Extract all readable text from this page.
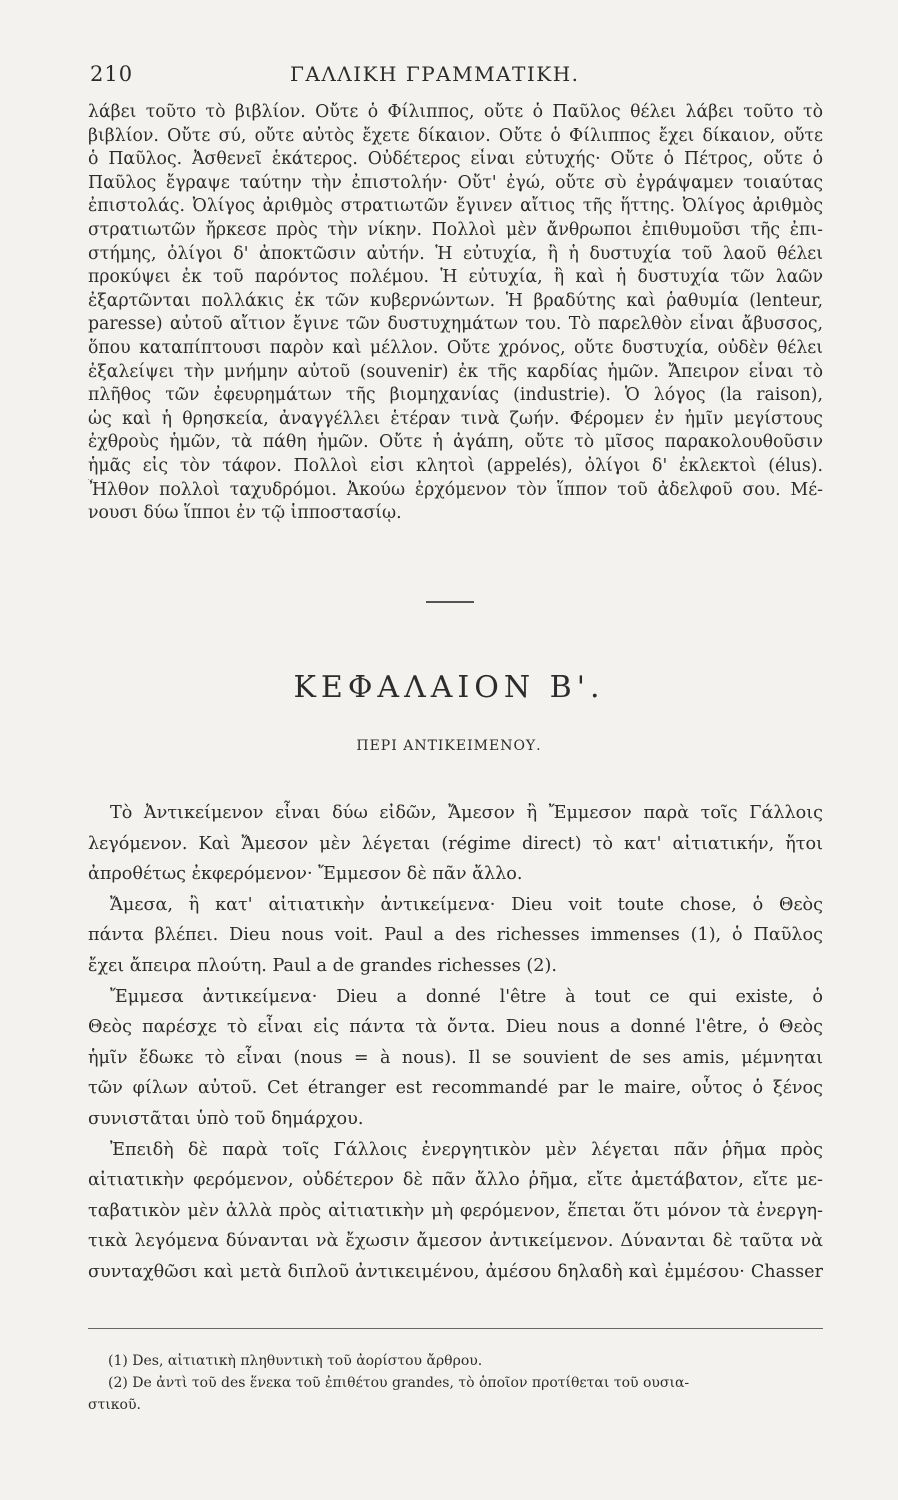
210	ΓΑΛΛΙΚΗ ΓΡΑΜΜΑΤΙΚΗ.
λάβει τοῦτο τὸ βιβλίον. Οὔτε ὁ Φίλιππος, οὔτε ὁ Παῦλος θέλει λάβει τοῦτο τὸ
βιβλίον. Οὔτε σύ, οὔτε αὐτὸς ἔχετε δίκαιον. Οὔτε ὁ Φίλιππος ἔχει δίκαιον, οὔτε
ὁ Παῦλος. Ἀσθενεῖ ἑκάτερος. Οὐδέτερος εἶναι εὐτυχής· Οὔτε ὁ Πέτρος, οὔτε ὁ
Παῦλος ἔγραψε ταύτην τὴν ἐπιστολήν· Οὔτ' ἐγώ, οὔτε σὺ ἐγράψαμεν τοιαύτας
ἐπιστολάς. Ὀλίγος ἀριθμὸς στρατιωτῶν ἔγινεν αἴτιος τῆς ἥττης. Ὀλίγος ἀριθμὸς
στρατιωτῶν ἤρκεσε πρὸς τὴν νίκην. Πολλοὶ μὲν ἄνθρωποι ἐπιθυμοῦσι τῆς ἐπι-
στήμης, ὀλίγοι δ' ἀποκτῶσιν αὐτήν. Ἡ εὐτυχία, ἢ ἡ δυστυχία τοῦ λαοῦ θέλει
προκύψει ἐκ τοῦ παρόντος πολέμου. Ἡ εὐτυχία, ἢ καὶ ἡ δυστυχία τῶν λαῶν
ἐξαρτῶνται πολλάκις ἐκ τῶν κυβερνώντων. Ἡ βραδύτης καὶ ῥαθυμία (lenteur,
paresse) αὐτοῦ αἴτιον ἔγινε τῶν δυστυχημάτων του. Τὸ παρελθὸν εἶναι ἄβυσσος,
ὅπου καταπίπτουσι παρὸν καὶ μέλλον. Οὔτε χρόνος, οὔτε δυστυχία, οὐδὲν θέλει
ἐξαλείψει τὴν μνήμην αὐτοῦ (souvenir) ἐκ τῆς καρδίας ἡμῶν. Ἄπειρον εἶναι τὸ
πλῆθος τῶν ἐφευρημάτων τῆς βιομηχανίας (industrie). Ὁ λόγος (la raison),
ὡς καὶ ἡ θρησκεία, ἀναγγέλλει ἑτέραν τινὰ ζωήν. Φέρομεν ἐν ἡμῖν μεγίστους
ἐχθροὺς ἡμῶν, τὰ πάθη ἡμῶν. Οὔτε ἡ ἀγάπη, οὔτε τὸ μῖσος παρακολουθοῦσιν
ἡμᾶς εἰς τὸν τάφον. Πολλοὶ εἰσι κλητοὶ (appelés), ὀλίγοι δ' ἐκλεκτοὶ (élus).
Ἦλθον πολλοὶ ταχυδρόμοι. Ἀκούω ἐρχόμενον τὸν ἵππον τοῦ ἀδελφοῦ σου. Μέ-
νουσι δύω ἵπποι ἐν τῷ ἱπποστασίῳ.
ΚΕΦΑΛΑΙΟΝ Β'.
ΠΕΡΙ ΑΝΤΙΚΕΙΜΕΝΟΥ.
Τὸ Ἀντικείμενον εἶναι δύω εἰδῶν, Ἄμεσον ἢ Ἔμμεσον παρὰ τοῖς Γάλλοις
λεγόμενον. Καὶ Ἄμεσον μὲν λέγεται (régime direct) τὸ κατ' αἰτιατικήν, ἤτοι
ἀπροθέτως ἐκφερόμενον· Ἔμμεσον δὲ πᾶν ἄλλο.
Ἄμεσα, ἢ κατ' αἰτιατικὴν ἀντικείμενα· Dieu voit toute chose, ὁ Θεὸς
πάντα βλέπει. Dieu nous voit. Paul a des richesses immenses (1), ὁ Παῦλος
ἔχει ἄπειρα πλούτη. Paul a de grandes richesses (2).
Ἔμμεσα ἀντικείμενα· Dieu a donné l'être à tout ce qui existe, ὁ
Θεὸς παρέσχε τὸ εἶναι εἰς πάντα τὰ ὄντα. Dieu nous a donné l'être, ὁ Θεὸς
ἡμῖν ἔδωκε τὸ εἶναι (nous = à nous). Il se souvient de ses amis, μέμνηται
τῶν φίλων αὐτοῦ. Cet étranger est recommandé par le maire, οὗτος ὁ ξένος
συνιστᾶται ὑπὸ τοῦ δημάρχου.
Ἐπειδὴ δὲ παρὰ τοῖς Γάλλοις ἐνεργητικὸν μὲν λέγεται πᾶν ῥῆμα πρὸς
αἰτιατικὴν φερόμενον, οὐδέτερον δὲ πᾶν ἄλλο ῥῆμα, εἴτε ἀμετάβατον, εἴτε με-
ταβατικὸν μὲν ἀλλὰ πρὸς αἰτιατικὴν μὴ φερόμενον, ἕπεται ὅτι μόνον τὰ ἐνεργη-
τικὰ λεγόμενα δύνανται νὰ ἔχωσιν ἄμεσον ἀντικείμενον. Δύνανται δὲ ταῦτα νὰ
συνταχθῶσι καὶ μετὰ διπλοῦ ἀντικειμένου, ἀμέσου δηλαδὴ καὶ ἐμμέσου· Chasser
(1) Des, αἰτιατικὴ πληθυντικὴ τοῦ ἀορίστου ἄρθρου.
(2) De ἀντὶ τοῦ des ἕνεκα τοῦ ἐπιθέτου grandes, τὸ ὁποῖον προτίθεται τοῦ ουσια-
στικοῦ.
